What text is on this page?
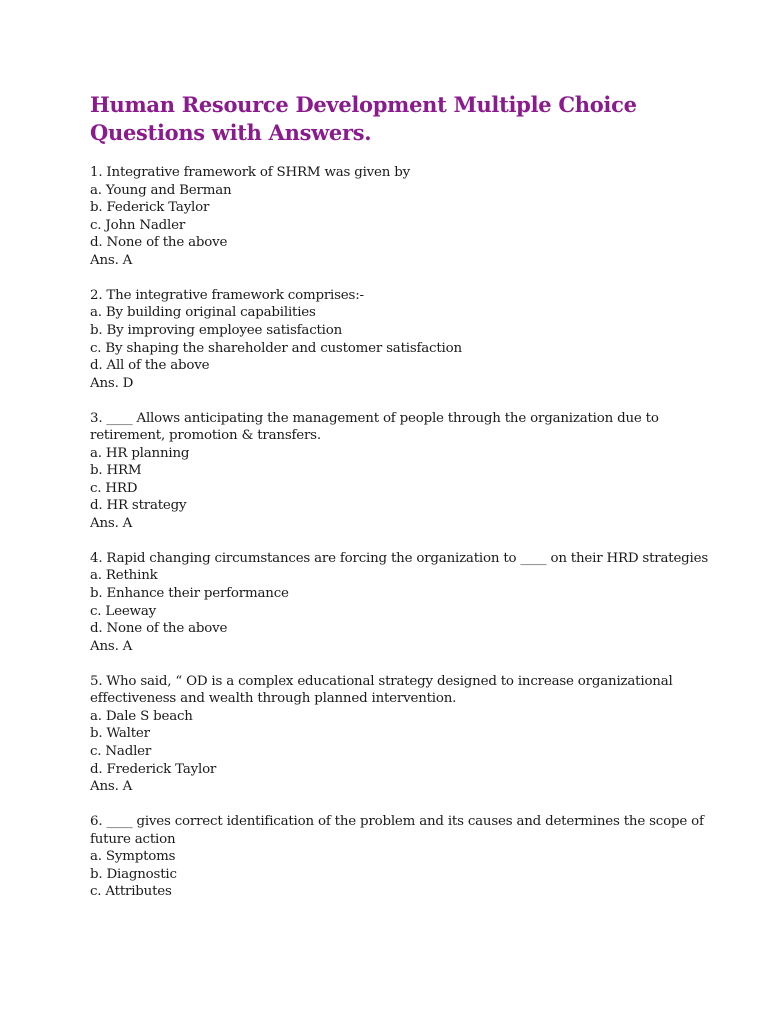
Human Resource Development Multiple Choice Questions with Answers.
1. Integrative framework of SHRM was given by
a. Young and Berman
b. Federick Taylor
c. John Nadler
d. None of the above
Ans. A
2. The integrative framework comprises:-
a. By building original capabilities
b. By improving employee satisfaction
c. By shaping the shareholder and customer satisfaction
d. All of the above
Ans. D
3. ____ Allows anticipating the management of people through the organization due to retirement, promotion & transfers.
a. HR planning
b. HRM
c. HRD
d. HR strategy
Ans. A
4. Rapid changing circumstances are forcing the organization to ____ on their HRD strategies
a. Rethink
b. Enhance their performance
c. Leeway
d. None of the above
Ans. A
5. Who said, “ OD is a complex educational strategy designed to increase organizational effectiveness and wealth through planned intervention.
a. Dale S beach
b. Walter
c. Nadler
d. Frederick Taylor
Ans. A
6. ____ gives correct identification of the problem and its causes and determines the scope of future action
a. Symptoms
b. Diagnostic
c. Attributes
